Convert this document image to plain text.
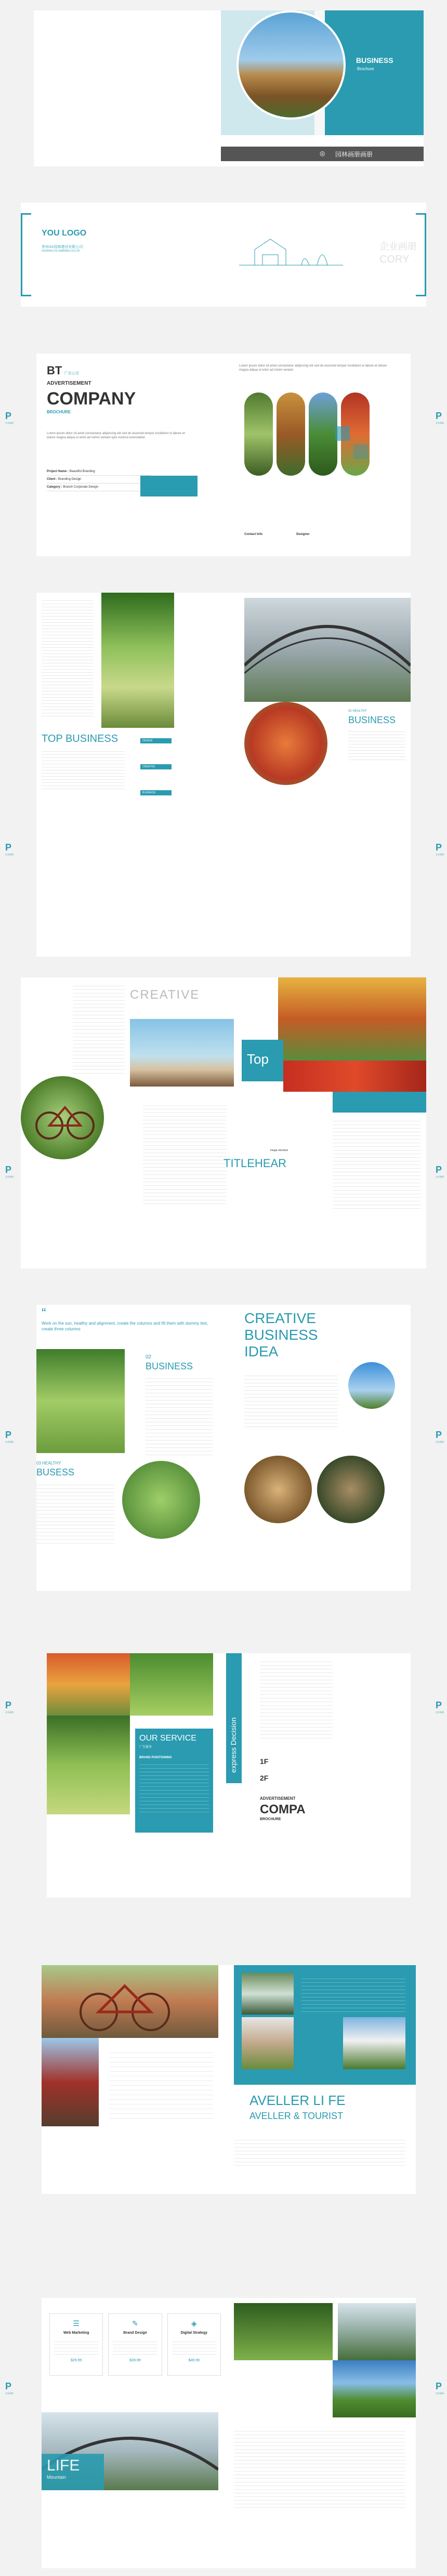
BUSINESS
Brochure
园林画册画册
◎
YOU LOGO
贵州XX园林建设有限公司
GUIZHOU XX GARDEN CO.LTD	企业画册
CORY
P
企业画册
BT 广告公司
ADVERTISEMENT
COMPANY
BROCHURE
Lorem ipsum dolor sit amet consectetur adipiscing elit sed do eiusmod tempor incididunt ut labore et dolore magna aliqua ut enim ad minim veniam quis nostrud exercitation
Project Name : Beautiful Branding
Client : Branding Design
Category : Branch Corporate Design
Lorem ipsum dolor sit amet consectetur adipiscing elit sed do eiusmod tempor incididunt ut labore et dolore magna aliqua ut enim ad minim veniam
Contact Info	Designer
P
企业画册
P
企业画册
TOP BUSINESS	DESIGN
CREATIVE
BUSINESS
02 HEALTHY
BUSINESS
P
企业画册
P
企业画册
CREATIVE
image structure
TITLEHEAR
Top
P
企业画册
P
企业画册
“
Work on the sun, healthy and alignment, create the columns and fill them with dummy text, create three columns
02
BUSINESS
03 HEALTHY
BUSESS
CREATIVE
BUSINESS
IDEA
P
企业画册
P
企业画册
OUR SERVICE
广告服务
BRAND POSITIONING	express Decision	1F
2F
ADVERTISEMENT
COMPA
BROCHURE
P
企业画册
AVELLER LI FE
AVELLER & TOURIST
P
企业画册
☰
Web Marketing
$29.99
✎
Brand Design
$39.99
◈
Digital Strategy
$49.99
LIFE
Mountain
P
企业画册
